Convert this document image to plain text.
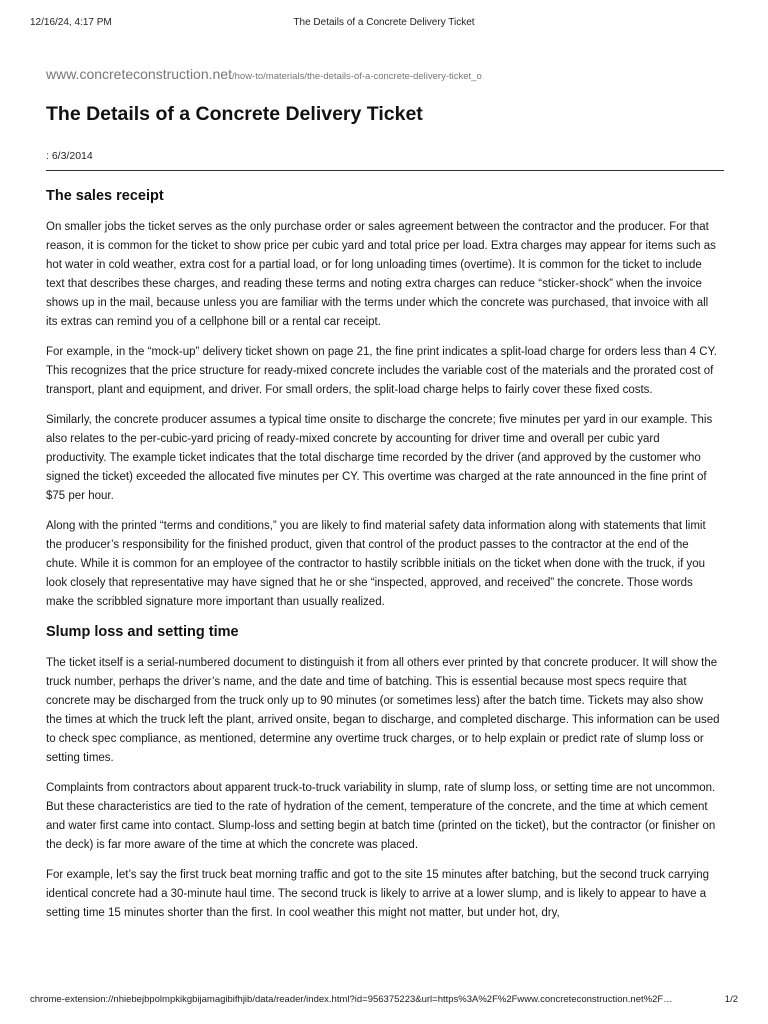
12/16/24, 4:17 PM	The Details of a Concrete Delivery Ticket
www.concreteconstruction.net/how-to/materials/the-details-of-a-concrete-delivery-ticket_o
The Details of a Concrete Delivery Ticket
: 6/3/2014
The sales receipt

On smaller jobs the ticket serves as the only purchase order or sales agreement between the contractor and the producer. For that reason, it is common for the ticket to show price per cubic yard and total price per load. Extra charges may appear for items such as hot water in cold weather, extra cost for a partial load, or for long unloading times (overtime). It is common for the ticket to include text that describes these charges, and reading these terms and noting extra charges can reduce “sticker-shock” when the invoice shows up in the mail, because unless you are familiar with the terms under which the concrete was purchased, that invoice with all its extras can remind you of a cellphone bill or a rental car receipt.

For example, in the “mock-up” delivery ticket shown on page 21, the fine print indicates a split-load charge for orders less than 4 CY. This recognizes that the price structure for ready-mixed concrete includes the variable cost of the materials and the prorated cost of transport, plant and equipment, and driver. For small orders, the split-load charge helps to fairly cover these fixed costs.

Similarly, the concrete producer assumes a typical time onsite to discharge the concrete; five minutes per yard in our example. This also relates to the per-cubic-yard pricing of ready-mixed concrete by accounting for driver time and overall per cubic yard productivity. The example ticket indicates that the total discharge time recorded by the driver (and approved by the customer who signed the ticket) exceeded the allocated five minutes per CY. This overtime was charged at the rate announced in the fine print of $75 per hour.

Along with the printed “terms and conditions,” you are likely to find material safety data information along with statements that limit the producer’s responsibility for the finished product, given that control of the product passes to the contractor at the end of the chute. While it is common for an employee of the contractor to hastily scribble initials on the ticket when done with the truck, if you look closely that representative may have signed that he or she “inspected, approved, and received” the concrete. Those words make the scribbled signature more important than usually realized.

Slump loss and setting time

The ticket itself is a serial-numbered document to distinguish it from all others ever printed by that concrete producer. It will show the truck number, perhaps the driver’s name, and the date and time of batching. This is essential because most specs require that concrete may be discharged from the truck only up to 90 minutes (or sometimes less) after the batch time. Tickets may also show the times at which the truck left the plant, arrived onsite, began to discharge, and completed discharge. This information can be used to check spec compliance, as mentioned, determine any overtime truck charges, or to help explain or predict rate of slump loss or setting times.

Complaints from contractors about apparent truck-to-truck variability in slump, rate of slump loss, or setting time are not uncommon. But these characteristics are tied to the rate of hydration of the cement, temperature of the concrete, and the time at which cement and water first came into contact. Slump-loss and setting begin at batch time (printed on the ticket), but the contractor (or finisher on the deck) is far more aware of the time at which the concrete was placed.

For example, let’s say the first truck beat morning traffic and got to the site 15 minutes after batching, but the second truck carrying identical concrete had a 30-minute haul time. The second truck is likely to arrive at a lower slump, and is likely to appear to have a setting time 15 minutes shorter than the first. In cool weather this might not matter, but under hot, dry,

chrome-extension://nhiebejbpolmpkikgbijamagibifhjib/data/reader/index.html?id=956375223&url=https%3A%2F%2Fwww.concreteconstruction.net%2F…	1/2
